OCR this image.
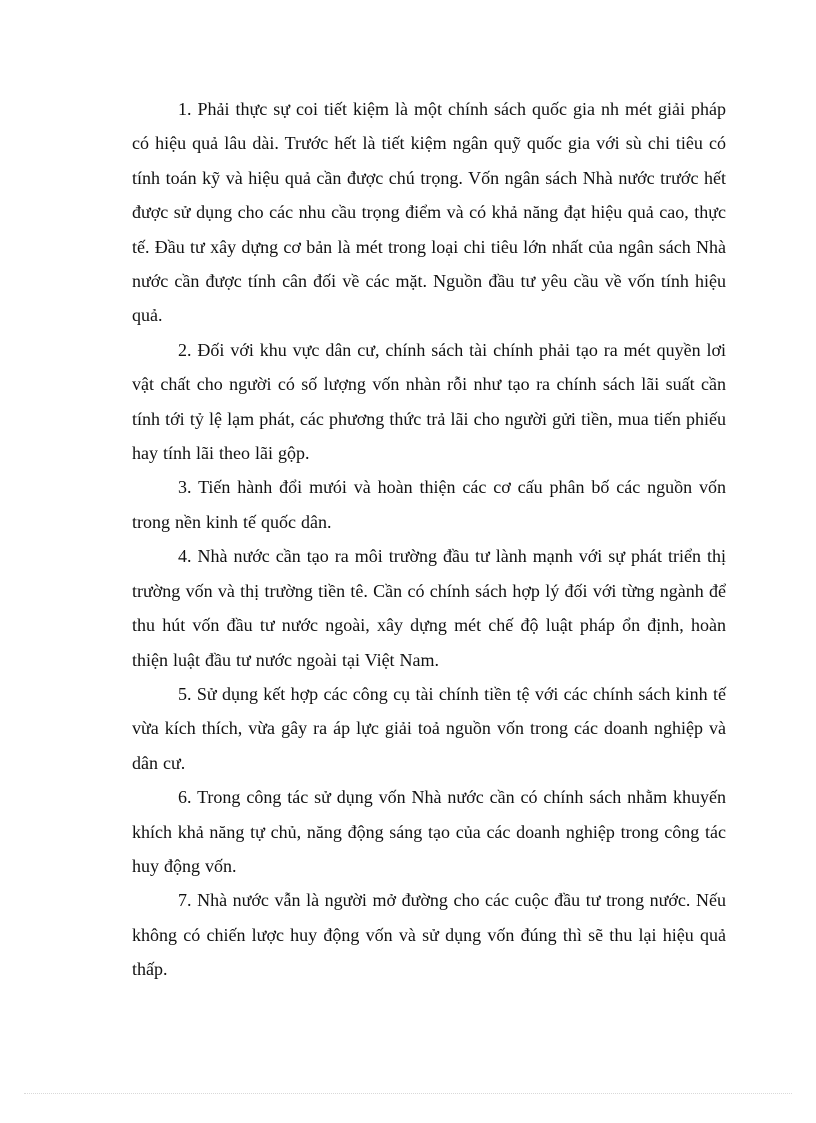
1. Phải thực sự coi tiết kiệm là một chính sách quốc gia nh mét giải pháp có hiệu quả lâu dài. Trước hết là tiết kiệm ngân quỹ quốc gia với sù chi tiêu có tính toán kỹ và hiệu quả cần được chú trọng. Vốn ngân sách Nhà nước trước hết được sử dụng cho các nhu cầu trọng điểm và có khả năng đạt hiệu quả cao, thực tế. Đầu tư xây dựng cơ bản là mét trong loại chi tiêu lớn nhất của ngân sách Nhà nước cần được tính cân đối về các mặt. Nguồn đầu tư yêu cầu về vốn tính hiệu quả.

2. Đối với khu vực dân cư, chính sách tài chính phải tạo ra mét quyền lơi vật chất cho người có số lượng vốn nhàn rỗi như tạo ra chính sách lãi suất cần tính tới tỷ lệ lạm phát, các phương thức trả lãi cho người gửi tiền, mua tiến phiếu hay tính lãi theo lãi gộp.

3. Tiến hành đổi mưói và hoàn thiện các cơ cấu phân bố các nguồn vốn trong nền kinh tế quốc dân.

4. Nhà nước cần tạo ra môi trường đầu tư lành mạnh với sự phát triển thị trường vốn và thị trường tiền tê. Cần có chính sách hợp lý đối với từng ngành để thu hút vốn đầu tư nước ngoài, xây dựng mét chế độ luật pháp ổn định, hoàn thiện luật đầu tư nước ngoài tại Việt Nam.

5. Sử dụng kết hợp các công cụ tài chính tiền tệ với các chính sách kinh tế vừa kích thích, vừa gây ra áp lực giải toả nguồn vốn trong các doanh nghiệp và dân cư.

6. Trong công tác sử dụng vốn Nhà nước cần có chính sách nhằm khuyến khích khả năng tự chủ, năng động sáng tạo của các doanh nghiệp trong công tác huy động vốn.

7. Nhà nước vẫn là người mở đường cho các cuộc đầu tư trong nước. Nếu không có chiến lược huy động vốn và sử dụng vốn đúng thì sẽ thu lại hiệu quả thấp.
